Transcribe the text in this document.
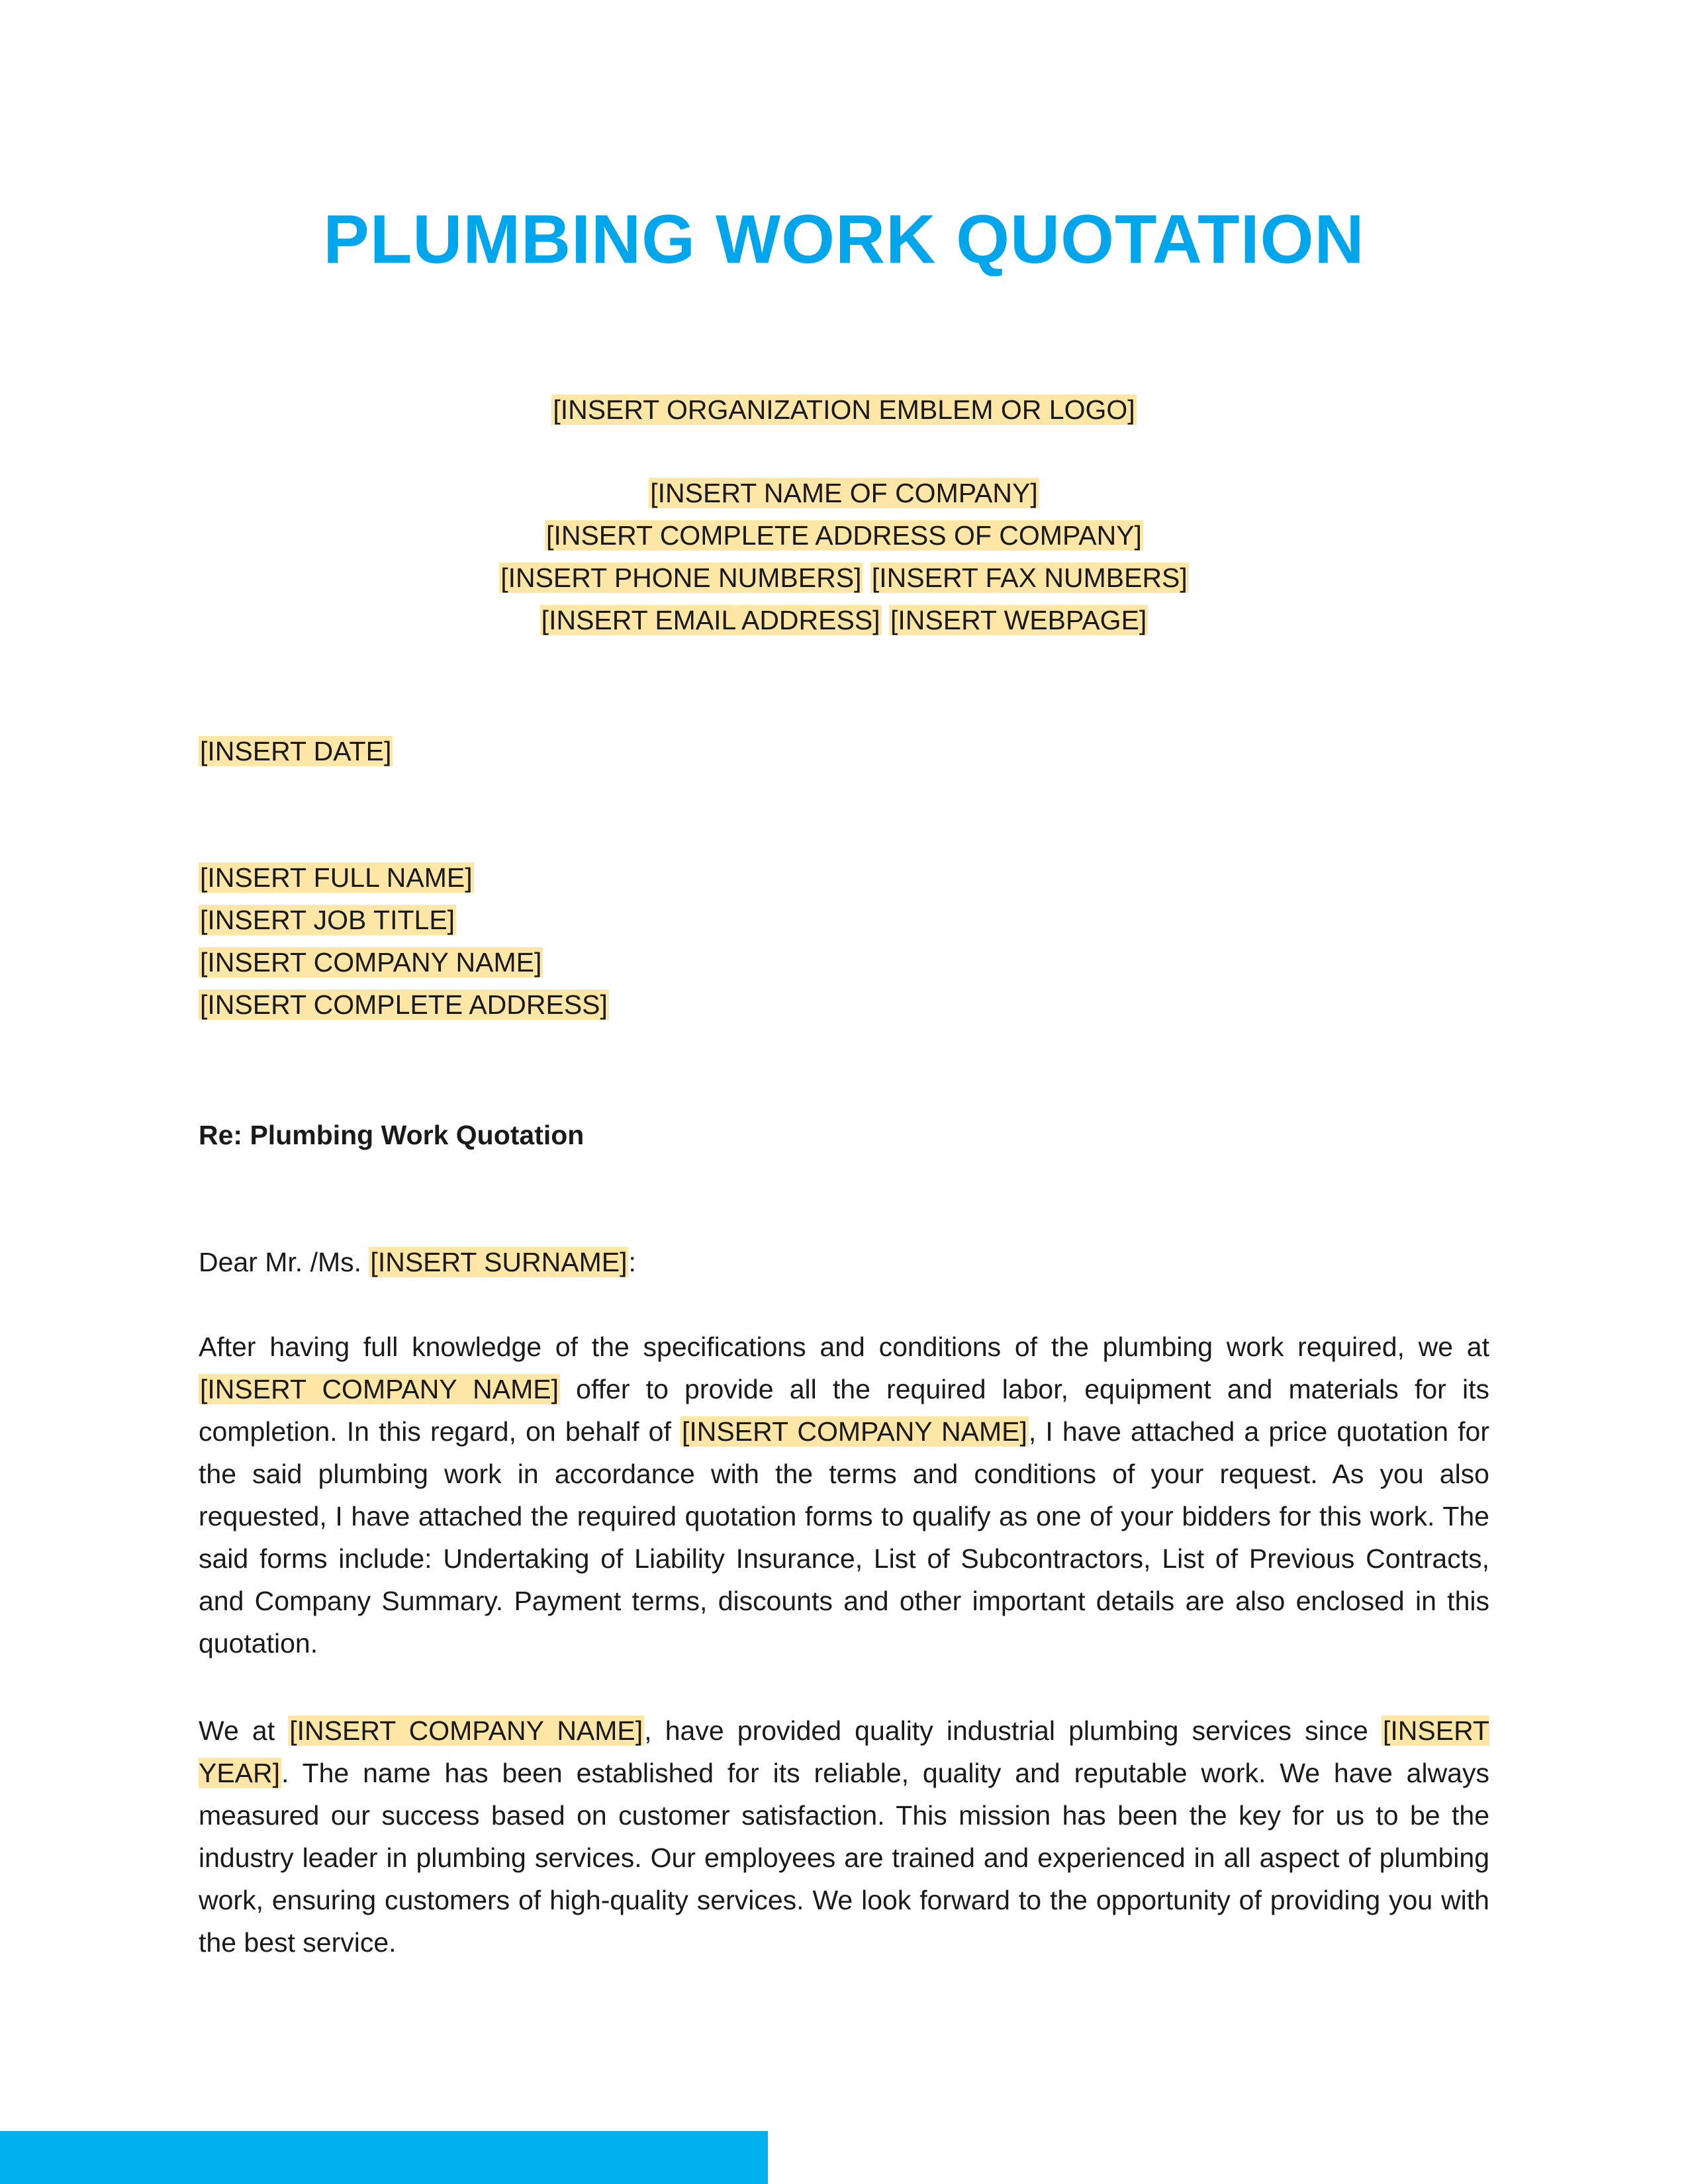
PLUMBING WORK QUOTATION
[INSERT ORGANIZATION EMBLEM OR LOGO]
[INSERT NAME OF COMPANY]
[INSERT COMPLETE ADDRESS OF COMPANY]
[INSERT PHONE NUMBERS] [INSERT FAX NUMBERS]
[INSERT EMAIL ADDRESS] [INSERT WEBPAGE]
[INSERT DATE]
[INSERT FULL NAME]
[INSERT JOB TITLE]
[INSERT COMPANY NAME]
[INSERT COMPLETE ADDRESS]
Re: Plumbing Work Quotation
Dear Mr. /Ms. [INSERT SURNAME]:

After having full knowledge of the specifications and conditions of the plumbing work required, we at [INSERT COMPANY NAME] offer to provide all the required labor, equipment and materials for its completion. In this regard, on behalf of [INSERT COMPANY NAME], I have attached a price quotation for the said plumbing work in accordance with the terms and conditions of your request. As you also requested, I have attached the required quotation forms to qualify as one of your bidders for this work. The said forms include: Undertaking of Liability Insurance, List of Subcontractors, List of Previous Contracts, and Company Summary. Payment terms, discounts and other important details are also enclosed in this quotation.

We at [INSERT COMPANY NAME], have provided quality industrial plumbing services since [INSERT YEAR]. The name has been established for its reliable, quality and reputable work. We have always measured our success based on customer satisfaction. This mission has been the key for us to be the industry leader in plumbing services. Our employees are trained and experienced in all aspect of plumbing work, ensuring customers of high-quality services. We look forward to the opportunity of providing you with the best service.
